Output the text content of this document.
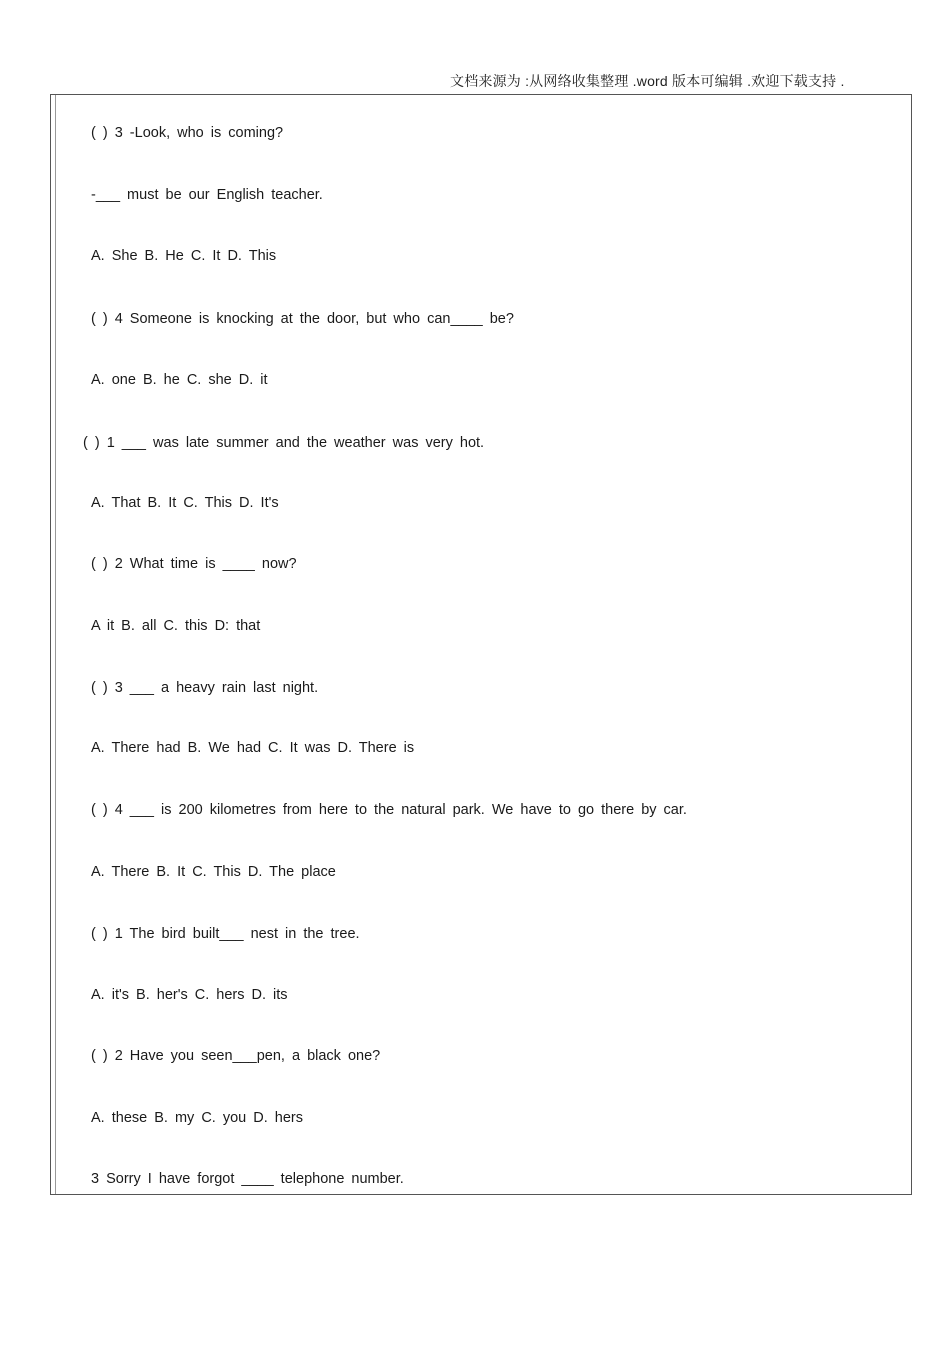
文档来源为 :从网络收集整理 .word 版本可编辑 .欢迎下载支持 .
( ) 3 -Look, who is coming?
-___ must be our English teacher.
A. She B. He C. It D. This
( ) 4 Someone is knocking at the door, but who can____ be?
A. one B. he C. she D. it
( ) 1 ___ was late summer and the weather was very hot.
A. That B. It C. This D. It's
( ) 2 What time is ____ now?
A it B. all C. this D: that
( ) 3 ___ a heavy rain last night.
A. There had B. We had C. It was D. There is
( ) 4 ___ is 200 kilometres from here to the natural park. We have to go there by car.
A. There B. It C. This D. The place
( ) 1 The bird built___ nest in the tree.
A. it's B. her's C. hers D. its
( ) 2 Have you seen___pen, a black one?
A. these B. my C. you D. hers
3 Sorry I have forgot ____ telephone number.
